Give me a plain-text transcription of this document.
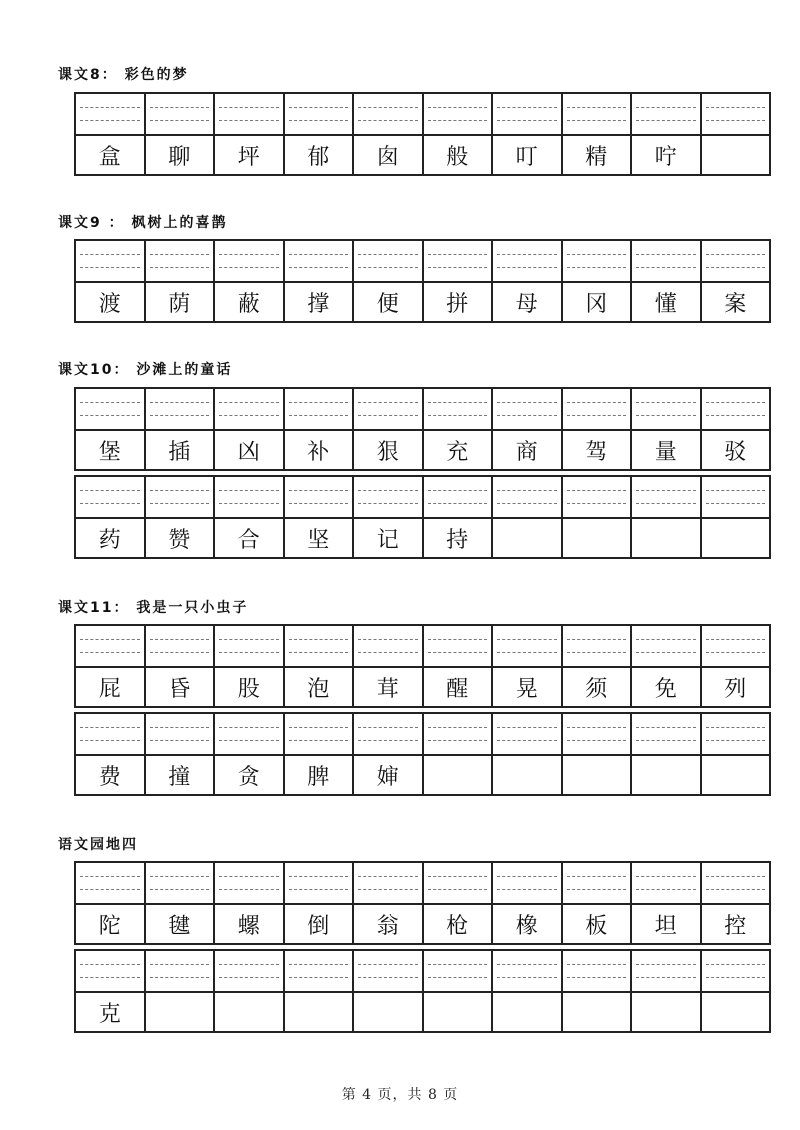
课文8： 彩色的梦
盒	聊	坪	郁	囱	般	叮	精	咛
课文9 ： 枫树上的喜鹊
渡	荫	蔽	撑	便	拼	母	冈	懂	案
课文10： 沙滩上的童话
堡	插	凶	补	狠	充	商	驾	量	驳
药	赞	合	坚	记	持
课文11： 我是一只小虫子
屁	昏	股	泡	茸	醒	晃	须	免	列
费	撞	贪	脾	婶
语文园地四
陀	毽	螺	倒	翁	枪	橡	板	坦	控
克
第 4 页，共 8 页
